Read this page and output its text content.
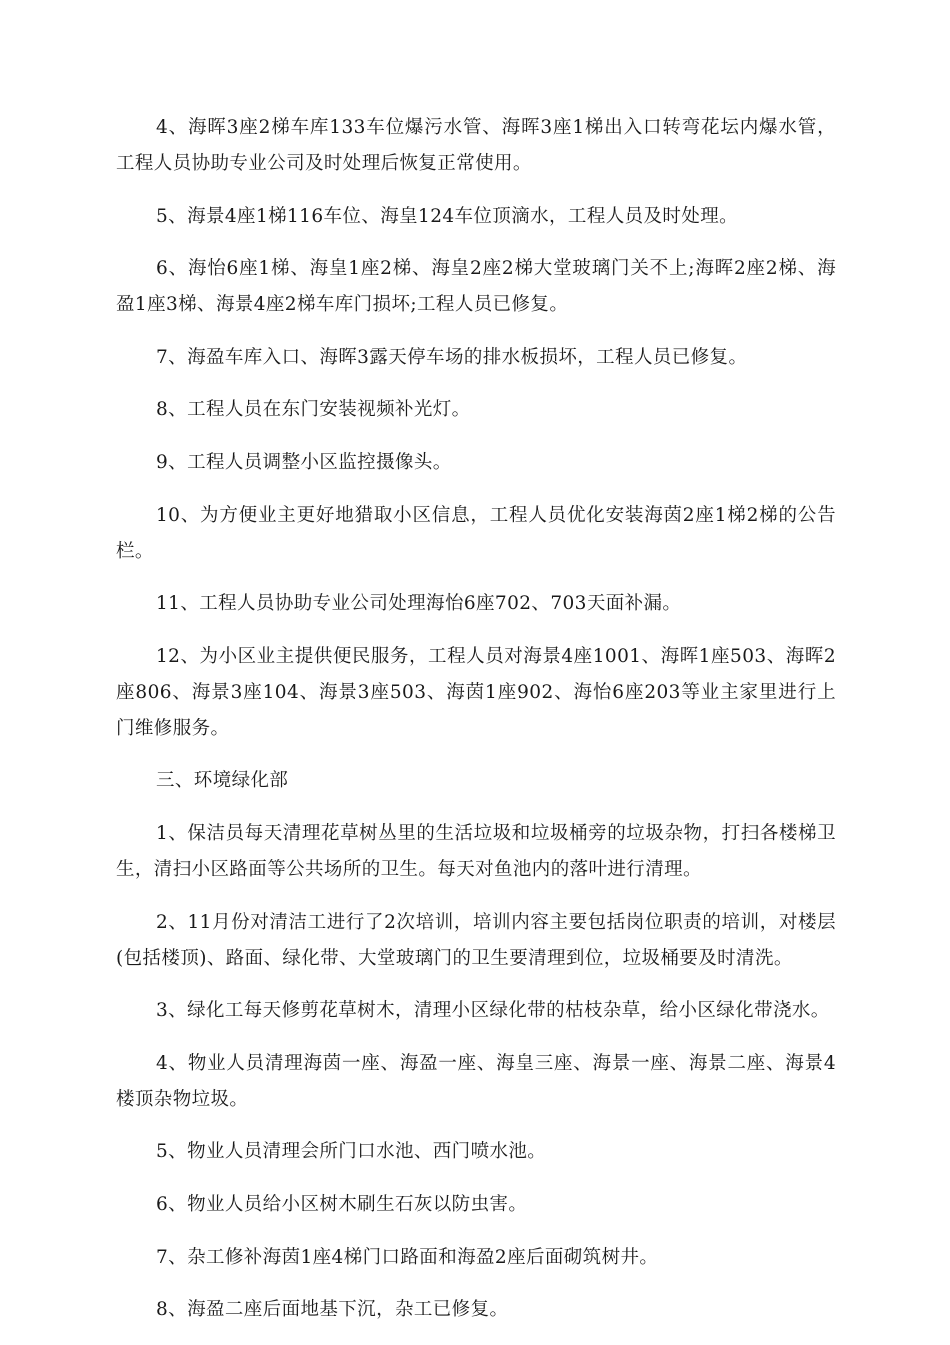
4、海晖3座2梯车库133车位爆污水管、海晖3座1梯出入口转弯花坛内爆水管，工程人员协助专业公司及时处理后恢复正常使用。

5、海景4座1梯116车位、海皇124车位顶滴水，工程人员及时处理。

6、海怡6座1梯、海皇1座2梯、海皇2座2梯大堂玻璃门关不上;海晖2座2梯、海盈1座3梯、海景4座2梯车库门损坏;工程人员已修复。

7、海盈车库入口、海晖3露天停车场的排水板损坏，工程人员已修复。

8、工程人员在东门安装视频补光灯。

9、工程人员调整小区监控摄像头。

10、为方便业主更好地猎取小区信息，工程人员优化安装海茵2座1梯2梯的公告栏。

11、工程人员协助专业公司处理海怡6座702、703天面补漏。

12、为小区业主提供便民服务，工程人员对海景4座1001、海晖1座503、海晖2座806、海景3座104、海景3座503、海茵1座902、海怡6座203等业主家里进行上门维修服务。

三、环境绿化部

1、保洁员每天清理花草树丛里的生活垃圾和垃圾桶旁的垃圾杂物，打扫各楼梯卫生，清扫小区路面等公共场所的卫生。每天对鱼池内的落叶进行清理。

2、11月份对清洁工进行了2次培训，培训内容主要包括岗位职责的培训，对楼层(包括楼顶)、路面、绿化带、大堂玻璃门的卫生要清理到位，垃圾桶要及时清洗。

3、绿化工每天修剪花草树木，清理小区绿化带的枯枝杂草，给小区绿化带浇水。

4、物业人员清理海茵一座、海盈一座、海皇三座、海景一座、海景二座、海景4楼顶杂物垃圾。

5、物业人员清理会所门口水池、西门喷水池。

6、物业人员给小区树木刷生石灰以防虫害。

7、杂工修补海茵1座4梯门口路面和海盈2座后面砌筑树井。

8、海盈二座后面地基下沉，杂工已修复。
